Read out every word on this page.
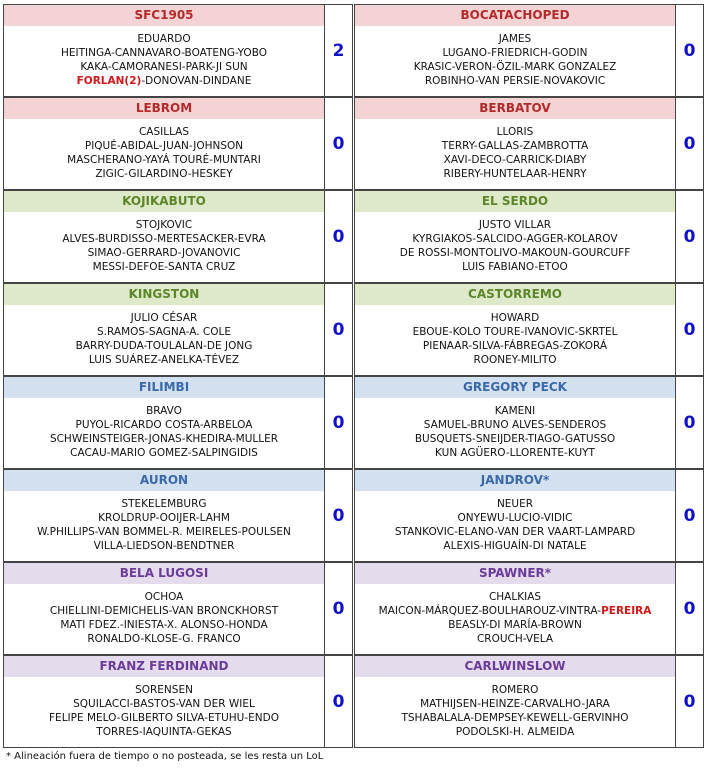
SFC1905
EDUARDO
HEITINGA-CANNAVARO-BOATENG-YOBO
KAKA-CAMORANESI-PARK-JI SUN
FORLAN(2)-DONOVAN-DINDANE
2
BOCATACHOPED
JAMES
LUGANO-FRIEDRICH-GODIN
KRASIC-VERON-ÖZIL-MARK GONZALEZ
ROBINHO-VAN PERSIE-NOVAKOVIC
0
LEBROM
CASILLAS
PIQUÉ-ABIDAL-JUAN-JOHNSON
MASCHERANO-YAYÁ TOURÉ-MUNTARI
ZIGIC-GILARDINO-HESKEY
0
BERBATOV
LLORIS
TERRY-GALLAS-ZAMBROTTA
XAVI-DECO-CARRICK-DIABY
RIBERY-HUNTELAAR-HENRY
0
KOJIKABUTO
STOJKOVIC
ALVES-BURDISSO-MERTESACKER-EVRA
SIMAO-GERRARD-JOVANOVIC
MESSI-DEFOE-SANTA CRUZ
0
EL SERDO
JUSTO VILLAR
KYRGIAKOS-SALCIDO-AGGER-KOLAROV
DE ROSSI-MONTOLIVO-MAKOUN-GOURCUFF
LUIS FABIANO-ETOO
0
KINGSTON
JULIO CÉSAR
S.RAMOS-SAGNA-A. COLE
BARRY-DUDA-TOULALAN-DE JONG
LUIS SUÁREZ-ANELKA-TÉVEZ
0
CASTORREMO
HOWARD
EBOUE-KOLO TOURE-IVANOVIC-SKRTEL
PIENAAR-SILVA-FÁBREGAS-ZOKORÁ
ROONEY-MILITO
0
FILIMBI
BRAVO
PUYOL-RICARDO COSTA-ARBELOA
SCHWEINSTEIGER-JONAS-KHEDIRA-MULLER
CACAU-MARIO GOMEZ-SALPINGIDIS
0
GREGORY PECK
KAMENI
SAMUEL-BRUNO ALVES-SENDEROS
BUSQUETS-SNEIJDER-TIAGO-GATUSSO
KUN AGÜERO-LLORENTE-KUYT
0
AURON
STEKELEMBURG
KROLDRUP-OOIJER-LAHM
W.PHILLIPS-VAN BOMMEL-R. MEIRELES-POULSEN
VILLA-LIEDSON-BENDTNER
0
JANDROV*
NEUER
ONYEWU-LUCIO-VIDIC
STANKOVIC-ELANO-VAN DER VAART-LAMPARD
ALEXIS-HIGUAÍN-DI NATALE
0
BELA LUGOSI
OCHOA
CHIELLINI-DEMICHELIS-VAN BRONCKHORST
MATI FDEZ.-INIESTA-X. ALONSO-HONDA
RONALDO-KLOSE-G. FRANCO
0
SPAWNER*
CHALKIAS
MAICON-MÁRQUEZ-BOULHAROUZ-VINTRA-PEREIRA
BEASLY-DI MARÍA-BROWN
CROUCH-VELA
0
FRANZ FERDINAND
SORENSEN
SQUILACCI-BASTOS-VAN DER WIEL
FELIPE MELO-GILBERTO SILVA-ETUHU-ENDO
TORRES-IAQUINTA-GEKAS
0
CARLWINSLOW
ROMERO
MATHIJSEN-HEINZE-CARVALHO-JARA
TSHABALALA-DEMPSEY-KEWELL-GERVINHO
PODOLSKI-H. ALMEIDA
0
* Alineación fuera de tiempo o no posteada, se les resta un LoL
